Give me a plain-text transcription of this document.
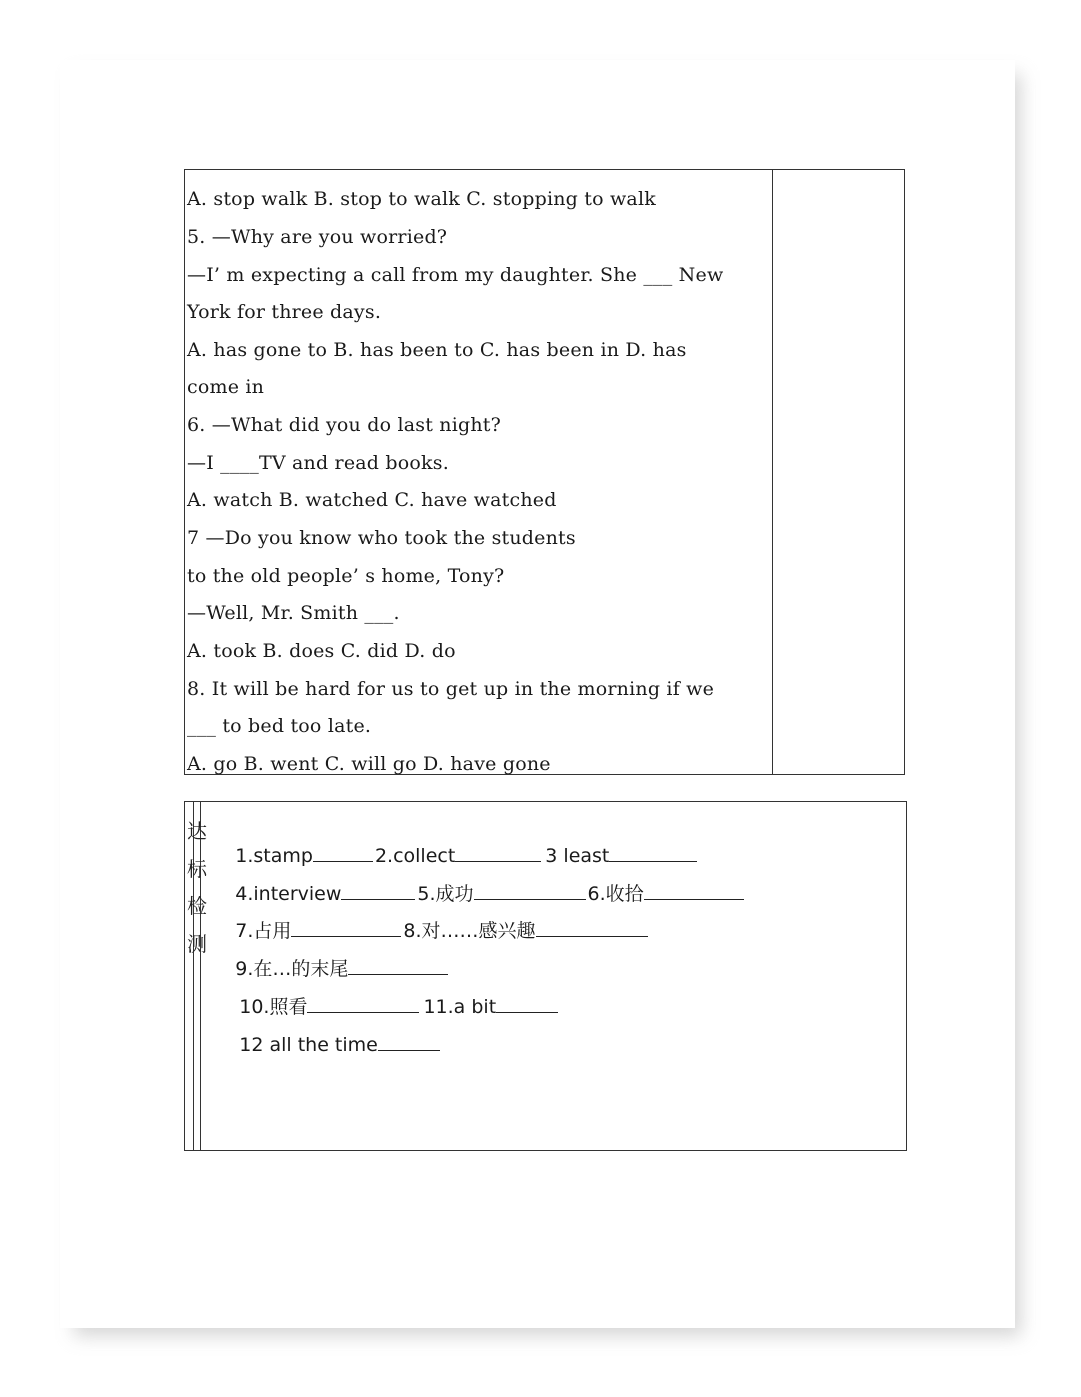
A. stop walk B. stop to walk C. stopping to walk
5. —Why are you worried?
—I’ m expecting a call from my daughter. She ___ New
York for three days.
A. has gone to B. has been to C. has been in D. has
come in
6. —What did you do last night?
—I ____TV and read books.
A. watch B. watched C. have watched
7 —Do you know who took the students
to the old people’ s home, Tony?
—Well, Mr. Smith ___.
A. took B. does C. did D. do
8. It will be hard for us to get up in the morning if we
___ to bed too late.
A. go B. went C. will go D. have gone
达
标
检
测

1.stamp	2.collect	3 least

4.interview	5.成功	6.收拾

7.占用	8.对……感兴趣

9.在…的末尾

10.照看	11.a bit

12 all the time
